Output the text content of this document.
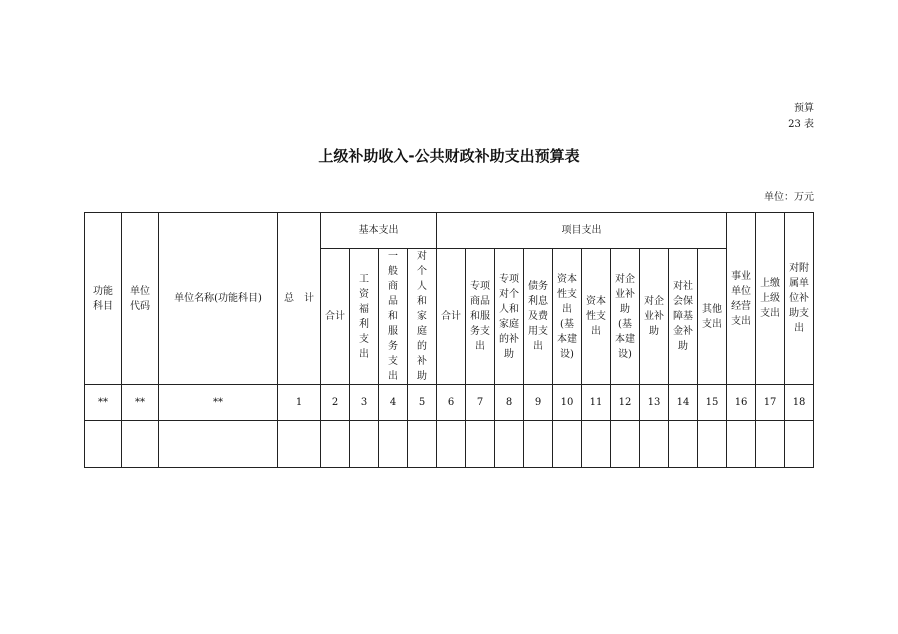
预算
23 表
上级补助收入-公共财政补助支出预算表
单位：万元
功能科目	单位代码	单位名称(功能科目)	总　计	基本支出				项目支出										事业单位经营支出	上缴上级支出	对附属单位补助支出
				合计	工资福利支出	一般商品和服务支出	对个人和家庭的补助	合计	专项商品和服务支出	专项对个人和家庭的补助	债务利息及费用支出	资本性支出(基本建设)	资本性支出	对企业补助(基本建设)	对企业补助	对社会保障基金补助	其他支出			
**	**	**	1	2	3	4	5	6	7	8	9	10	11	12	13	14	15	16	17	18
